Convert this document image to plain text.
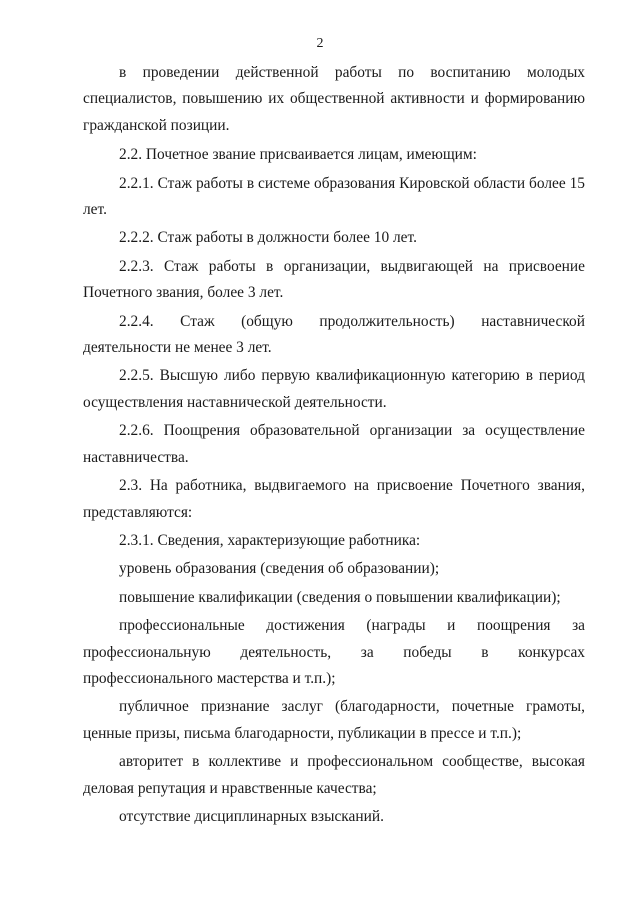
2

в проведении действенной работы по воспитанию молодых специалистов, повышению их общественной активности и формированию гражданской позиции.

2.2. Почетное звание присваивается лицам, имеющим:

2.2.1. Стаж работы в системе образования Кировской области более 15 лет.

2.2.2. Стаж работы в должности более 10 лет.

2.2.3. Стаж работы в организации, выдвигающей на присвоение Почетного звания, более 3 лет.

2.2.4. Стаж (общую продолжительность) наставнической деятельности не менее 3 лет.

2.2.5. Высшую либо первую квалификационную категорию в период осуществления наставнической деятельности.

2.2.6. Поощрения образовательной организации за осуществление наставничества.

2.3. На работника, выдвигаемого на присвоение Почетного звания, представляются:

2.3.1. Сведения, характеризующие работника:

уровень образования (сведения об образовании);

повышение квалификации (сведения о повышении квалификации);

профессиональные достижения (награды и поощрения за профессиональную деятельность, за победы в конкурсах профессионального мастерства и т.п.);

публичное признание заслуг (благодарности, почетные грамоты, ценные призы, письма благодарности, публикации в прессе и т.п.);

авторитет в коллективе и профессиональном сообществе, высокая деловая репутация и нравственные качества;

отсутствие дисциплинарных взысканий.
